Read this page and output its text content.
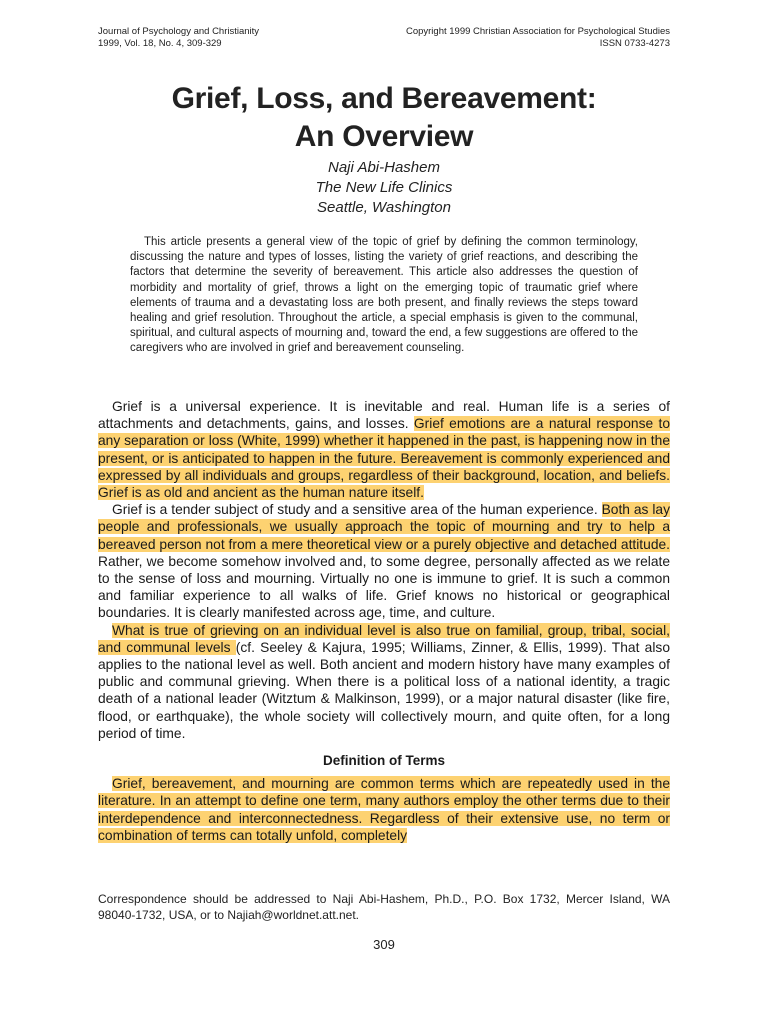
Journal of Psychology and Christianity
1999, Vol. 18, No. 4, 309-329
Copyright 1999 Christian Association for Psychological Studies
ISSN 0733-4273
Grief, Loss, and Bereavement:
An Overview
Naji Abi-Hashem
The New Life Clinics
Seattle, Washington

This article presents a general view of the topic of grief by defining the common terminology, discussing the nature and types of losses, listing the variety of grief reactions, and describing the factors that determine the severity of bereavement. This article also addresses the question of morbidity and mortality of grief, throws a light on the emerging topic of traumatic grief where elements of trauma and a devastating loss are both present, and finally reviews the steps toward healing and grief resolution. Throughout the article, a special emphasis is given to the communal, spiritual, and cultural aspects of mourning and, toward the end, a few suggestions are offered to the caregivers who are involved in grief and bereavement counseling.

Grief is a universal experience. It is inevitable and real. Human life is a series of attachments and detachments, gains, and losses. Grief emotions are a natural response to any separation or loss (White, 1999) whether it happened in the past, is happening now in the present, or is anticipated to happen in the future. Bereavement is commonly experienced and expressed by all individuals and groups, regardless of their background, location, and beliefs. Grief is as old and ancient as the human nature itself.

Grief is a tender subject of study and a sensitive area of the human experience. Both as lay people and professionals, we usually approach the topic of mourning and try to help a bereaved person not from a mere theoretical view or a purely objective and detached attitude. Rather, we become somehow involved and, to some degree, personally affected as we relate to the sense of loss and mourning. Virtually no one is immune to grief. It is such a common and familiar experience to all walks of life. Grief knows no historical or geographical boundaries. It is clearly manifested across age, time, and culture.

What is true of grieving on an individual level is also true on familial, group, tribal, social, and communal levels (cf. Seeley & Kajura, 1995; Williams, Zinner, & Ellis, 1999). That also applies to the national level as well. Both ancient and modern history have many examples of public and communal grieving. When there is a political loss of a national identity, a tragic death of a national leader (Witztum & Malkinson, 1999), or a major natural disaster (like fire, flood, or earthquake), the whole society will collectively mourn, and quite often, for a long period of time.

Definition of Terms

Grief, bereavement, and mourning are common terms which are repeatedly used in the literature. In an attempt to define one term, many authors employ the other terms due to their interdependence and interconnectedness. Regardless of their extensive use, no term or combination of terms can totally unfold, completely

Correspondence should be addressed to Naji Abi-Hashem, Ph.D., P.O. Box 1732, Mercer Island, WA 98040-1732, USA, or to Najiah@worldnet.att.net.

309
